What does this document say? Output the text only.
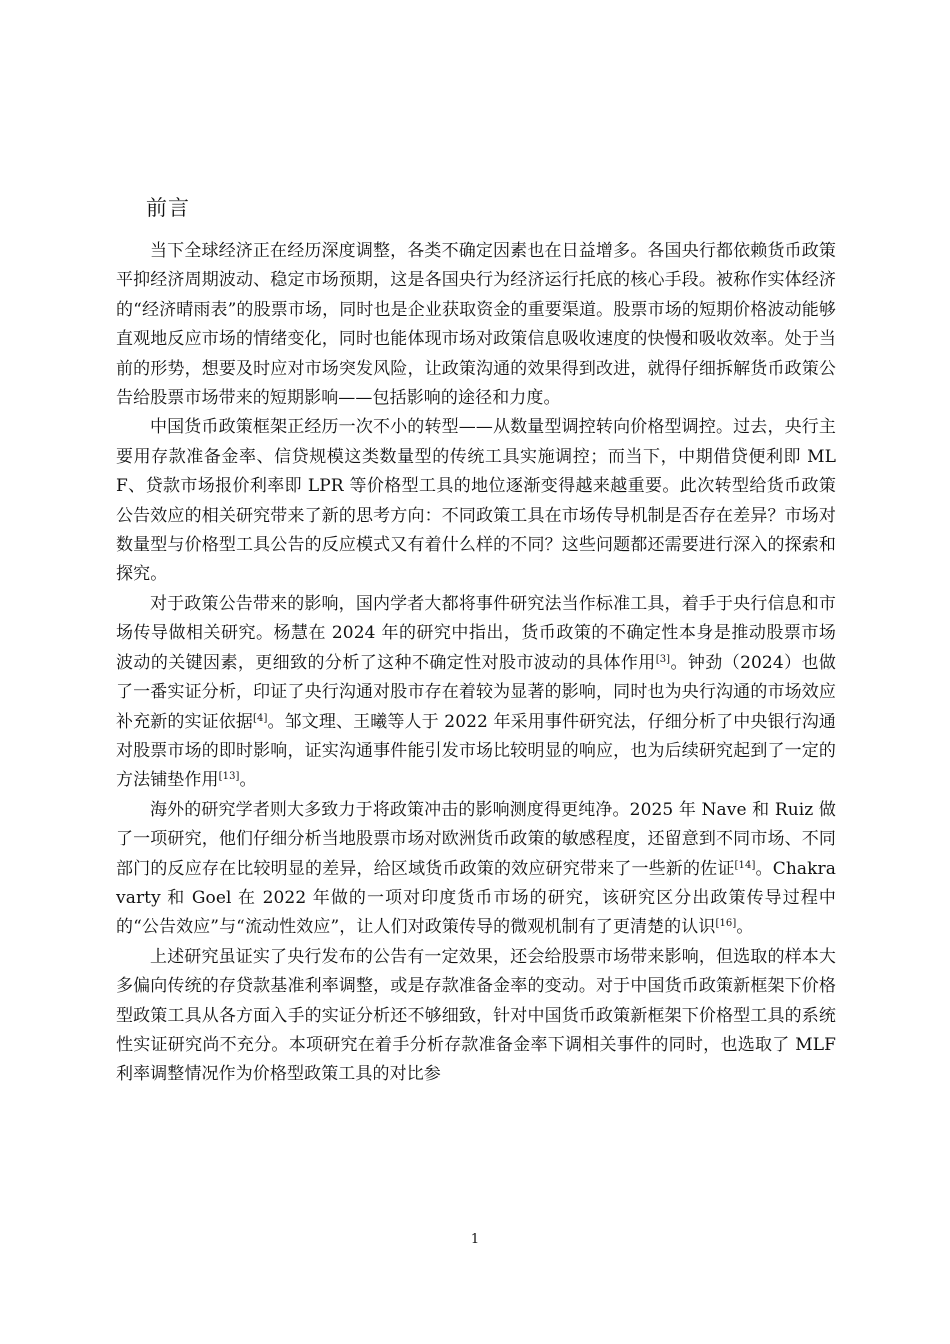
前言

当下全球经济正在经历深度调整，各类不确定因素也在日益增多。各国央行都依赖货币政策平抑经济周期波动、稳定市场预期，这是各国央行为经济运行托底的核心手段。被称作实体经济的“经济晴雨表”的股票市场，同时也是企业获取资金的重要渠道。股票市场的短期价格波动能够直观地反应市场的情绪变化，同时也能体现市场对政策信息吸收速度的快慢和吸收效率。处于当前的形势，想要及时应对市场突发风险，让政策沟通的效果得到改进，就得仔细拆解货币政策公告给股票市场带来的短期影响——包括影响的途径和力度。

中国货币政策框架正经历一次不小的转型——从数量型调控转向价格型调控。过去，央行主要用存款准备金率、信贷规模这类数量型的传统工具实施调控；而当下，中期借贷便利即 MLF、贷款市场报价利率即 LPR 等价格型工具的地位逐渐变得越来越重要。此次转型给货币政策公告效应的相关研究带来了新的思考方向：不同政策工具在市场传导机制是否存在差异？市场对数量型与价格型工具公告的反应模式又有着什么样的不同？这些问题都还需要进行深入的探索和探究。

对于政策公告带来的影响，国内学者大都将事件研究法当作标准工具，着手于央行信息和市场传导做相关研究。杨慧在 2024 年的研究中指出，货币政策的不确定性本身是推动股票市场波动的关键因素，更细致的分析了这种不确定性对股市波动的具体作用[3]。钟劲（2024）也做了一番实证分析，印证了央行沟通对股市存在着较为显著的影响，同时也为央行沟通的市场效应补充新的实证依据[4]。邹文理、王曦等人于 2022 年采用事件研究法，仔细分析了中央银行沟通对股票市场的即时影响，证实沟通事件能引发市场比较明显的响应，也为后续研究起到了一定的方法铺垫作用[13]。

海外的研究学者则大多致力于将政策冲击的影响测度得更纯净。2025 年 Nave 和 Ruiz 做了一项研究，他们仔细分析当地股票市场对欧洲货币政策的敏感程度，还留意到不同市场、不同部门的反应存在比较明显的差异，给区域货币政策的效应研究带来了一些新的佐证[14]。Chakravarty 和 Goel 在 2022 年做的一项对印度货币市场的研究，该研究区分出政策传导过程中的“公告效应”与“流动性效应”，让人们对政策传导的微观机制有了更清楚的认识[16]。

上述研究虽证实了央行发布的公告有一定效果，还会给股票市场带来影响，但选取的样本大多偏向传统的存贷款基准利率调整，或是存款准备金率的变动。对于中国货币政策新框架下价格型政策工具从各方面入手的实证分析还不够细致，针对中国货币政策新框架下价格型工具的系统性实证研究尚不充分。本项研究在着手分析存款准备金率下调相关事件的同时，也选取了 MLF 利率调整情况作为价格型政策工具的对比参

1
